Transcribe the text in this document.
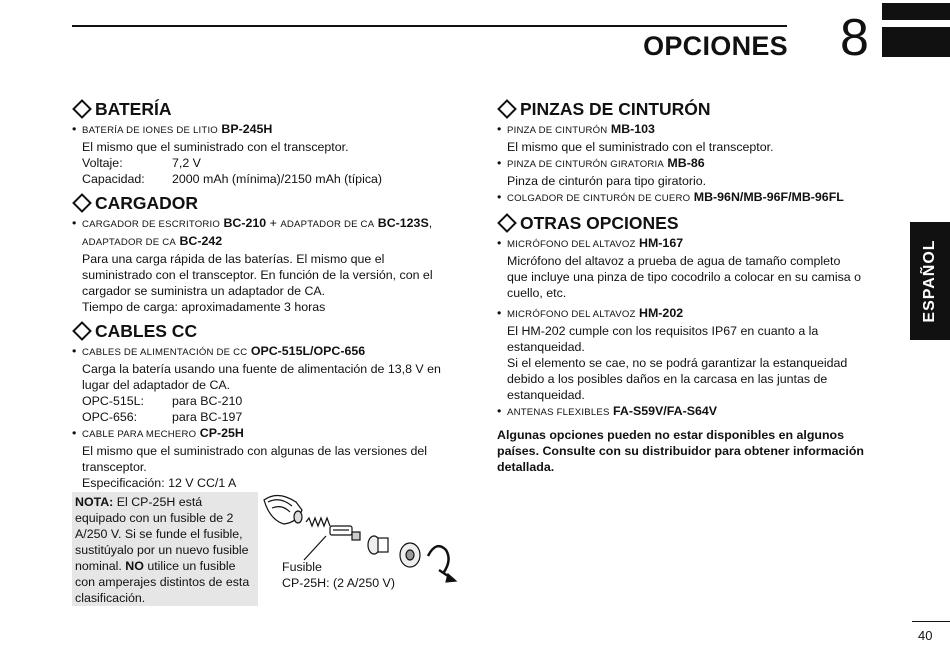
OPCIONES 8
ESPAÑOL
BATERÍA
• BATERÍA DE IONES DE LITIO BP-245H
El mismo que el suministrado con el transceptor.
Voltaje:	7,2 V
Capacidad:	2000 mAh (mínima)/2150 mAh (típica)
CARGADOR
• CARGADOR DE ESCRITORIO BC-210 + ADAPTADOR DE CA BC-123S,
ADAPTADOR DE CA BC-242
Para una carga rápida de las baterías. El mismo que el
suministrado con el transceptor. En función de la versión, con el
cargador se suministra un adaptador de CA.
Tiempo de carga: aproximadamente 3 horas
CABLES CC
• CABLES DE ALIMENTACIÓN DE CC OPC-515L/OPC-656
Carga la batería usando una fuente de alimentación de 13,8 V en
lugar del adaptador de CA.
OPC-515L:	para BC-210
OPC-656:	para BC-197
• CABLE PARA MECHERO CP-25H
El mismo que el suministrado con algunas de las versiones del
transceptor.
Especificación: 12 V CC/1 A
NOTA: El CP-25H está equipado con un fusible de 2 A/250 V. Si se funde el fusible, sustitúyalo por un nuevo fusible nominal. NO utilice un fusible con amperajes distintos de esta clasificación.
Fusible
CP-25H: (2 A/250 V)
PINZAS DE CINTURÓN
• PINZA DE CINTURÓN MB-103
El mismo que el suministrado con el transceptor.
• PINZA DE CINTURÓN GIRATORIA MB-86
Pinza de cinturón para tipo giratorio.
• COLGADOR DE CINTURÓN DE CUERO MB-96N/MB-96F/MB-96FL
OTRAS OPCIONES
• MICRÓFONO DEL ALTAVOZ HM-167
Micrófono del altavoz a prueba de agua de tamaño completo
que incluye una pinza de tipo cocodrilo a colocar en su camisa o
cuello, etc.
• MICRÓFONO DEL ALTAVOZ HM-202
El HM-202 cumple con los requisitos IP67 en cuanto a la
estanqueidad.
Si el elemento se cae, no se podrá garantizar la estanqueidad
debido a los posibles daños en la carcasa en las juntas de
estanqueidad.
• ANTENAS FLEXIBLES FA-S59V/FA-S64V
Algunas opciones pueden no estar disponibles en algunos
países. Consulte con su distribuidor para obtener información
detallada.
40
